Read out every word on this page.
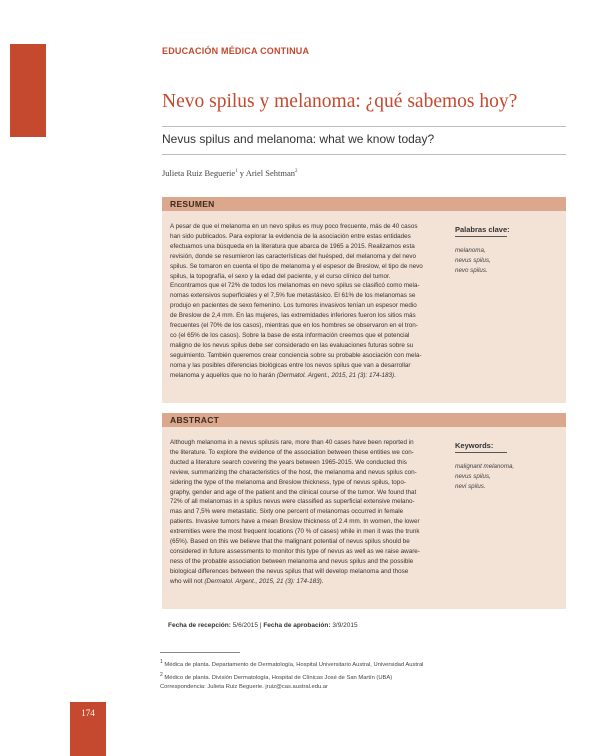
EDUCACIÓN MÉDICA CONTINUA
Nevo spilus y melanoma: ¿qué sabemos hoy?
Nevus spilus and melanoma: what we know today?
Julieta Ruiz Beguerie$^1$ y Ariel Sehtman$^2$
RESUMEN
A pesar de que el melanoma en un nevo spilus es muy poco frecuente, más de 40 casos
han sido publicados. Para explorar la evidencia de la asociación entre estas entidades
efectuamos una búsqueda en la literatura que abarca de 1965 a 2015. Realizamos esta
revisión, donde se resumieron las características del huésped, del melanoma y del nevo
spilus. Se tomaron en cuenta el tipo de melanoma y el espesor de Breslow, el tipo de nevo
spilus, la topografía, el sexo y la edad del paciente, y el curso clínico del tumor.
Encontramos que el 72% de todos los melanomas en nevo spilus se clasificó como mela-
nomas extensivos superficiales y el 7,5% fue metastásico. El 61% de los melanomas se
produjo en pacientes de sexo femenino. Los tumores invasivos tenían un espesor medio
de Breslow de 2,4 mm. En las mujeres, las extremidades inferiores fueron los sitios más
frecuentes (el 70% de los casos), mientras que en los hombres se observaron en el tron-
co (el 65% de los casos). Sobre la base de esta información creemos que el potencial
maligno de los nevus spilus debe ser considerado en las evaluaciones futuras sobre su
seguimiento. También queremos crear conciencia sobre su probable asociación con mela-
noma y las posibles diferencias biológicas entre los nevos spilus que van a desarrollar
melanoma y aquellos que no lo harán (Dermatol. Argent., 2015, 21 (3): 174-183).
Palabras clave:
melanoma,
nevus spilus,
nevo spilus.
ABSTRACT
Although melanoma in a nevus spilusis rare, more than 40 cases have been reported in
the literature. To explore the evidence of the association between these entities we con-
ducted a literature search covering the years between 1965-2015. We conducted this
review, summarizing the characteristics of the host, the melanoma and nevus spilus con-
sidering the type of the melanoma and Breslow thickness, type of nevus spilus, topo-
graphy, gender and age of the patient and the clinical course of the tumor. We found that
72% of all melanomas in a spilus nevus were classified as superficial extensive melano-
mas and 7,5% were metastatic. Sixty one percent of melanomas occurred in female
patients. Invasive tumors have a mean Breslow thickness of 2.4 mm. In women, the lower
extremities were the most frequent locations (70 % of cases) while in men it was the trunk
(65%). Based on this we believe that the malignant potential of nevus spilus should be
considered in future assessments to monitor this type of nevus as well as we raise aware-
ness of the probable association between melanoma and nevus spilus and the possible
biological differences between the nevus spilus that will develop melanoma and those
who will not (Dermatol. Argent., 2015, 21 (3): 174-183).
Keywords:
malignant melanoma,
nevus spilus,
nevi spilus.
Fecha de recepción: 5/6/2015 | Fecha de aprobación: 3/9/2015
$^1$ Médica de planta. Departamento de Dermatología, Hospital Universitario Austral, Universidad Austral
$^2$ Médico de planta. División Dermatología, Hospital de Clínicas José de San Martín (UBA)
Correspondencia: Julieta Ruiz Beguerie. jruiz@cas.austral.edu.ar
174
